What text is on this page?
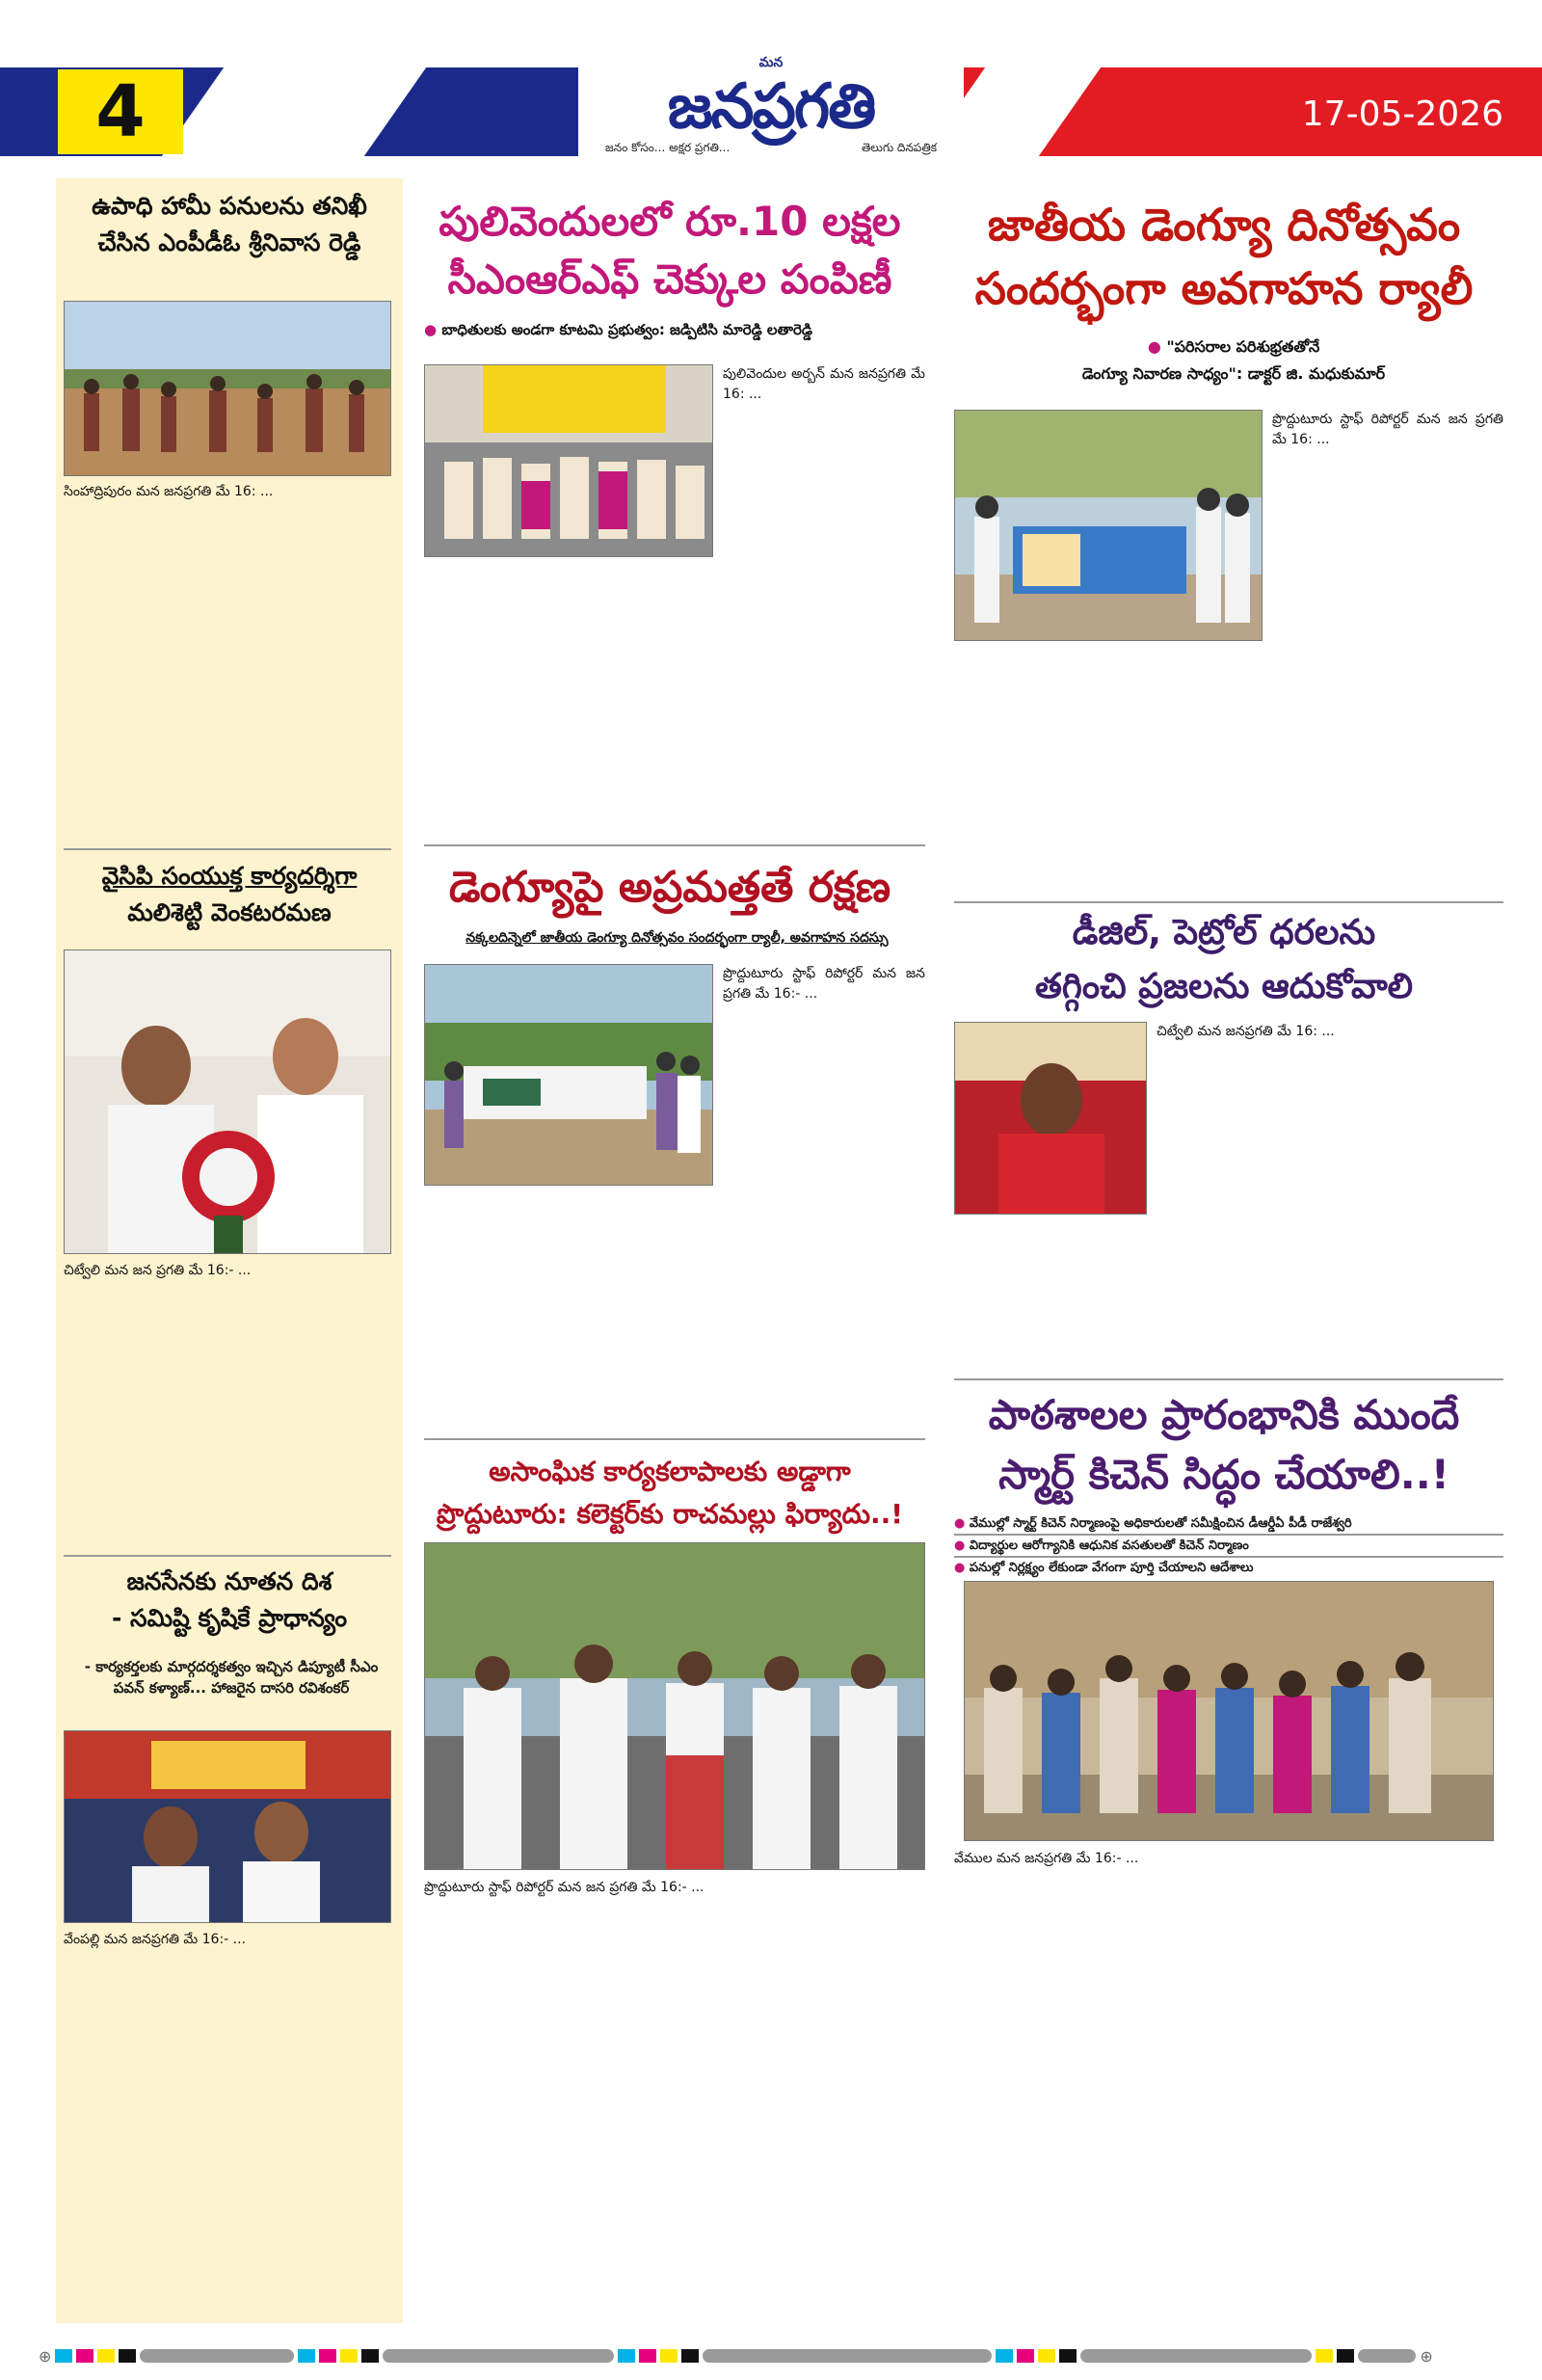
4
మన
జనప్రగతి
జనం కోసం... అక్షర ప్రగతి...	తెలుగు దినపత్రిక
17-05-2026
ఉపాధి హామీ పనులను తనిఖీ
చేసిన ఎంపీడీఓ శ్రీనివాస రెడ్డి

సింహాద్రిపురం మన జనప్రగతి మే 16: ...

వైసిపి సంయుక్త కార్యదర్శిగా
మలిశెట్టి వెంకటరమణ

చిట్వేలి మన జన ప్రగతి మే 16:- ...

జనసేనకు నూతన దిశ
- సమిష్టి కృషికే ప్రాధాన్యం
- కార్యకర్తలకు మార్గదర్శకత్వం ఇచ్చిన డిప్యూటీ సీఎం పవన్ కళ్యాణ్... హాజరైన దాసరి రవిశంకర్

వేంపల్లి మన జనప్రగతి మే 16:- ...

పులివెందులలో రూ.10 లక్షల
సీఎంఆర్ఎఫ్ చెక్కుల పంపిణీ
● బాధితులకు అండగా కూటమి ప్రభుత్వం: జడ్పిటిసి మారెడ్డి లతారెడ్డి

పులివెందుల అర్బన్ మన జనప్రగతి మే 16: ...

డెంగ్యూపై అప్రమత్తతే రక్షణ
నక్కలదిన్నెలో జాతీయ డెంగ్యూ దినోత్సవం సందర్భంగా ర్యాలీ, అవగాహన సదస్సు

ప్రొద్దుటూరు స్టాఫ్ రిపోర్టర్ మన జన ప్రగతి మే 16:- ...

అసాంఘిక కార్యకలాపాలకు అడ్డాగా
ప్రొద్దుటూరు: కలెక్టర్‌కు రాచమల్లు ఫిర్యాదు..!

ప్రొద్దుటూరు స్టాఫ్ రిపోర్టర్ మన జన ప్రగతి మే 16:- ...

జాతీయ డెంగ్యూ దినోత్సవం
సందర్భంగా అవగాహన ర్యాలీ
● "పరిసరాల పరిశుభ్రతతోనే
డెంగ్యూ నివారణ సాధ్యం": డాక్టర్ జి. మధుకుమార్

ప్రొద్దుటూరు స్టాఫ్ రిపోర్టర్ మన జన ప్రగతి మే 16: ...

డీజిల్, పెట్రోల్ ధరలను
తగ్గించి ప్రజలను ఆదుకోవాలి

చిట్వేలి మన జనప్రగతి మే 16: ...

పాఠశాలల ప్రారంభానికి ముందే
స్మార్ట్ కిచెన్ సిద్ధం చేయాలి..!
● వేముల్లో స్మార్ట్ కిచెన్ నిర్మాణంపై అధికారులతో సమీక్షించిన డీఆర్డీఏ పీడీ రాజేశ్వరి
● విద్యార్థుల ఆరోగ్యానికి ఆధునిక వసతులతో కిచెన్ నిర్మాణం
● పనుల్లో నిర్లక్ష్యం లేకుండా వేగంగా పూర్తి చేయాలని ఆదేశాలు

వేముల మన జనప్రగతి మే 16:- ...

⊕	⊕
